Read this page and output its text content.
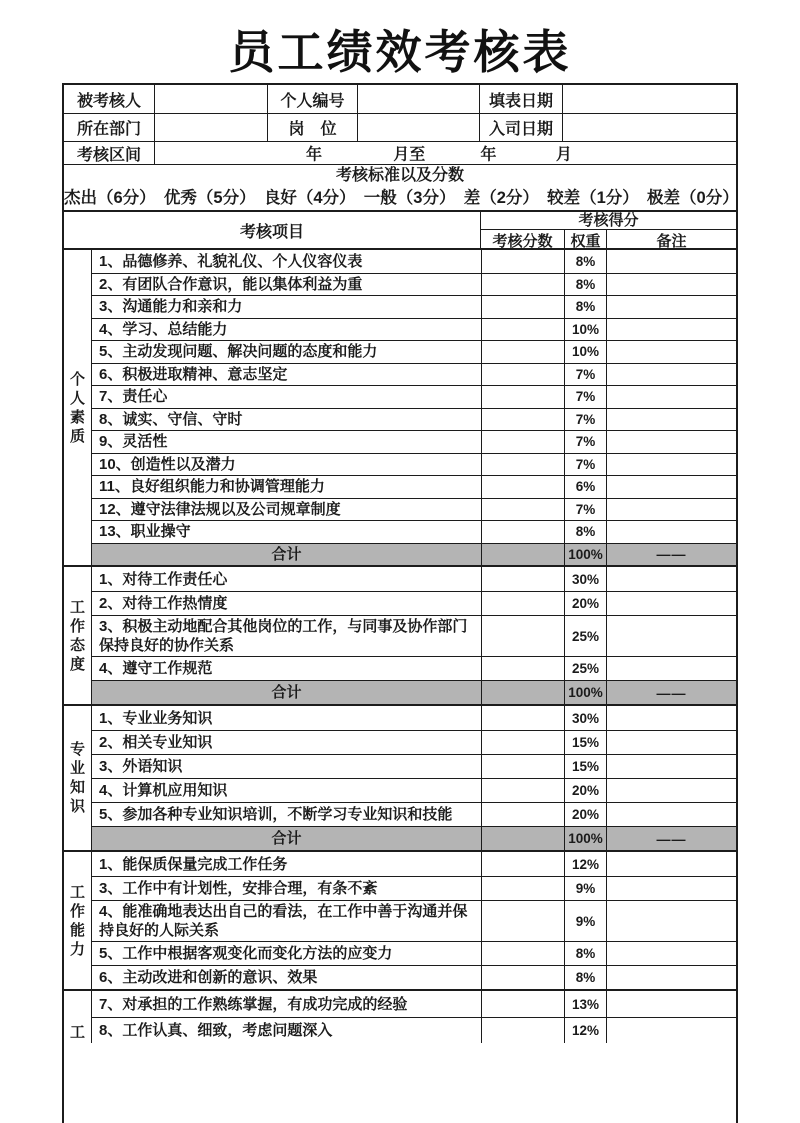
员工绩效考核表
被考核人	个人编号	填表日期
所在部门	岗　位	入司日期
考核区间	年	月至	年	月
考核标准以及分数
杰出（6分）　优秀（5分）　良好（4分）　一般（3分）　差（2分）　较差（1分）　极差（0分）
考核项目
考核得分
考核分数	权重	备注
个人素质
1、品德修养、礼貌礼仪、个人仪容仪表	8%
2、有团队合作意识，能以集体利益为重	8%
3、沟通能力和亲和力	8%
4、学习、总结能力	10%
5、主动发现问题、解决问题的态度和能力	10%
6、积极进取精神、意志坚定	7%
7、责任心	7%
8、诚实、守信、守时	7%
9、灵活性	7%
10、创造性以及潜力	7%
11、良好组织能力和协调管理能力	6%
12、遵守法律法规以及公司规章制度	7%
13、职业操守	8%
合计	100%	——
工作态度
1、对待工作责任心	30%
2、对待工作热情度	20%
3、积极主动地配合其他岗位的工作，与同事及协作部门保持良好的协作关系
25%
4、遵守工作规范	25%
合计	100%	——
专业知识
1、专业业务知识	30%
2、相关专业知识	15%
3、外语知识	15%
4、计算机应用知识	20%
5、参加各种专业知识培训，不断学习专业知识和技能	20%
合计	100%	——
工作能力
1、能保质保量完成工作任务	12%
3、工作中有计划性，安排合理，有条不紊	9%
4、能准确地表达出自己的看法，在工作中善于沟通并保持良好的人际关系
9%
5、工作中根据客观变化而变化方法的应变力	8%
6、主动改进和创新的意识、效果	8%
工
7、对承担的工作熟练掌握，有成功完成的经验	13%
8、工作认真、细致，考虑问题深入	12%
